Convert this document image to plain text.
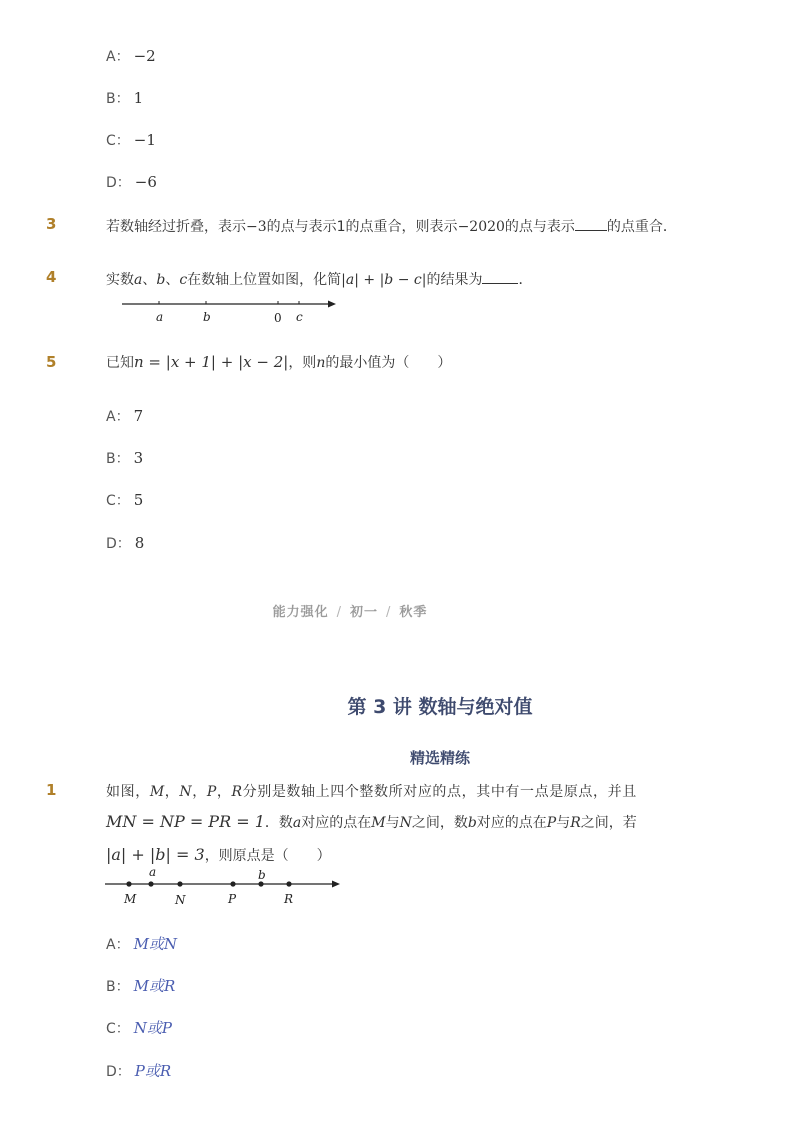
A： −2
B： 1
C： −1
D： −6
3	若数轴经过折叠，表示−3的点与表示1的点重合，则表示−2020的点与表示 的点重合．
4	实数a、b、c在数轴上位置如图，化简|a| + |b − c|的结果为	．
a	b	0 c
5	已知n = |x + 1| + |x − 2|，则n的最小值为（　　）
A： 7
B： 3
C： 5
D： 8
能力强化 / 初一 / 秋季
第 3 讲 数轴与绝对值
精选精练
1	如图，M，N，P，R分别是数轴上四个整数所对应的点，其中有一点是原点，并且
MN = NP = PR = 1．数a对应的点在M与N之间，数b对应的点在P与R之间，若
|a| + |b| = 3，则原点是（　　）
a	b
M	N	P	R
A： M或N
B： M或R
C： N或P
D： P或R
